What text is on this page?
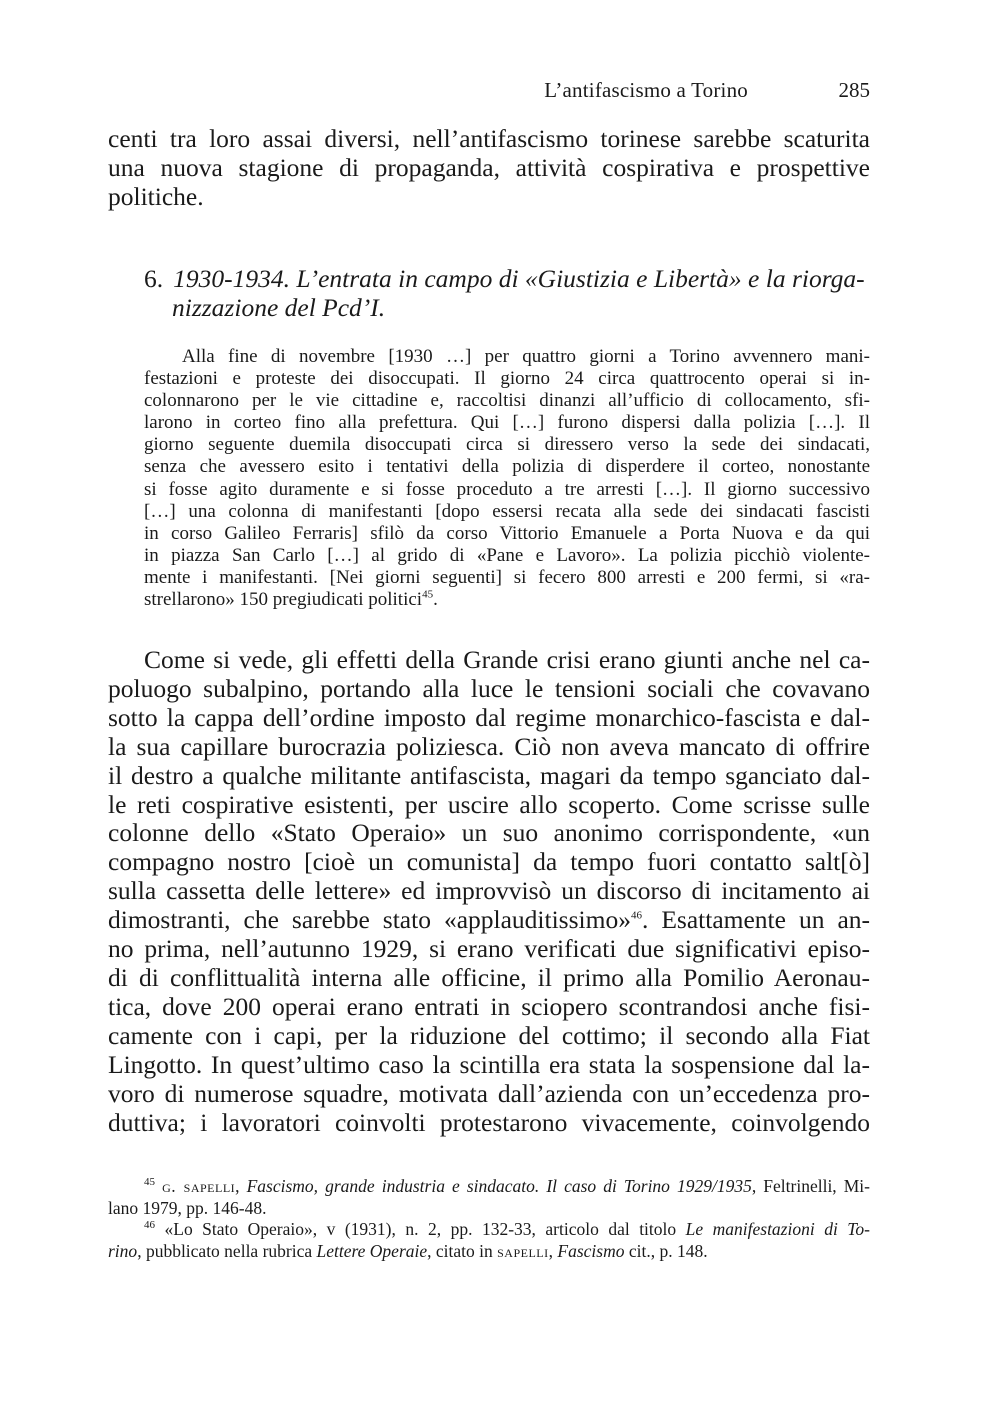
L’antifascismo a Torino	285

centi tra loro assai diversi, nell’antifascismo torinese sarebbe scaturita
una nuova stagione di propaganda, attività cospirativa e prospettive
politiche.

6. 1930-1934. L’entrata in campo di «Giustizia e Libertà» e la riorga-
nizzazione del Pcd’I.
Alla fine di novembre [1930 …] per quattro giorni a Torino avvennero mani-
festazioni e proteste dei disoccupati. Il giorno 24 circa quattrocento operai si in-
colonnarono per le vie cittadine e, raccoltisi dinanzi all’ufficio di collocamento, sfi-
larono in corteo fino alla prefettura. Qui […] furono dispersi dalla polizia […]. Il
giorno seguente duemila disoccupati circa si diressero verso la sede dei sindacati,
senza che avessero esito i tentativi della polizia di disperdere il corteo, nonostante
si fosse agito duramente e si fosse proceduto a tre arresti […]. Il giorno successivo
[…] una colonna di manifestanti [dopo essersi recata alla sede dei sindacati fascisti
in corso Galileo Ferraris] sfilò da corso Vittorio Emanuele a Porta Nuova e da qui
in piazza San Carlo […] al grido di «Pane e Lavoro». La polizia picchiò violente-
mente i manifestanti. [Nei giorni seguenti] si fecero 800 arresti e 200 fermi, si «ra-
strellarono» 150 pregiudicati politici$^{45}$.

Come si vede, gli effetti della Grande crisi erano giunti anche nel ca-
poluogo subalpino, portando alla luce le tensioni sociali che covavano
sotto la cappa dell’ordine imposto dal regime monarchico-fascista e dal-
la sua capillare burocrazia poliziesca. Ciò non aveva mancato di offrire
il destro a qualche militante antifascista, magari da tempo sganciato dal-
le reti cospirative esistenti, per uscire allo scoperto. Come scrisse sulle
colonne dello «Stato Operaio» un suo anonimo corrispondente, «un
compagno nostro [cioè un comunista] da tempo fuori contatto salt[ò]
sulla cassetta delle lettere» ed improvvisò un discorso di incitamento ai
dimostranti, che sarebbe stato «applauditissimo»$^{46}$. Esattamente un an-
no prima, nell’autunno 1929, si erano verificati due significativi episo-
di di conflittualità interna alle officine, il primo alla Pomilio Aeronau-
tica, dove 200 operai erano entrati in sciopero scontrandosi anche fisi-
camente con i capi, per la riduzione del cottimo; il secondo alla Fiat
Lingotto. In quest’ultimo caso la scintilla era stata la sospensione dal la-
voro di numerose squadre, motivata dall’azienda con un’eccedenza pro-
duttiva; i lavoratori coinvolti protestarono vivacemente, coinvolgendo

$^{45}$ g. sapelli, Fascismo, grande industria e sindacato. Il caso di Torino 1929/1935, Feltrinelli, Mi-
lano 1979, pp. 146-48.
$^{46}$ «Lo Stato Operaio», v (1931), n. 2, pp. 132-33, articolo dal titolo Le manifestazioni di To-
rino, pubblicato nella rubrica Lettere Operaie, citato in sapelli, Fascismo cit., p. 148.
